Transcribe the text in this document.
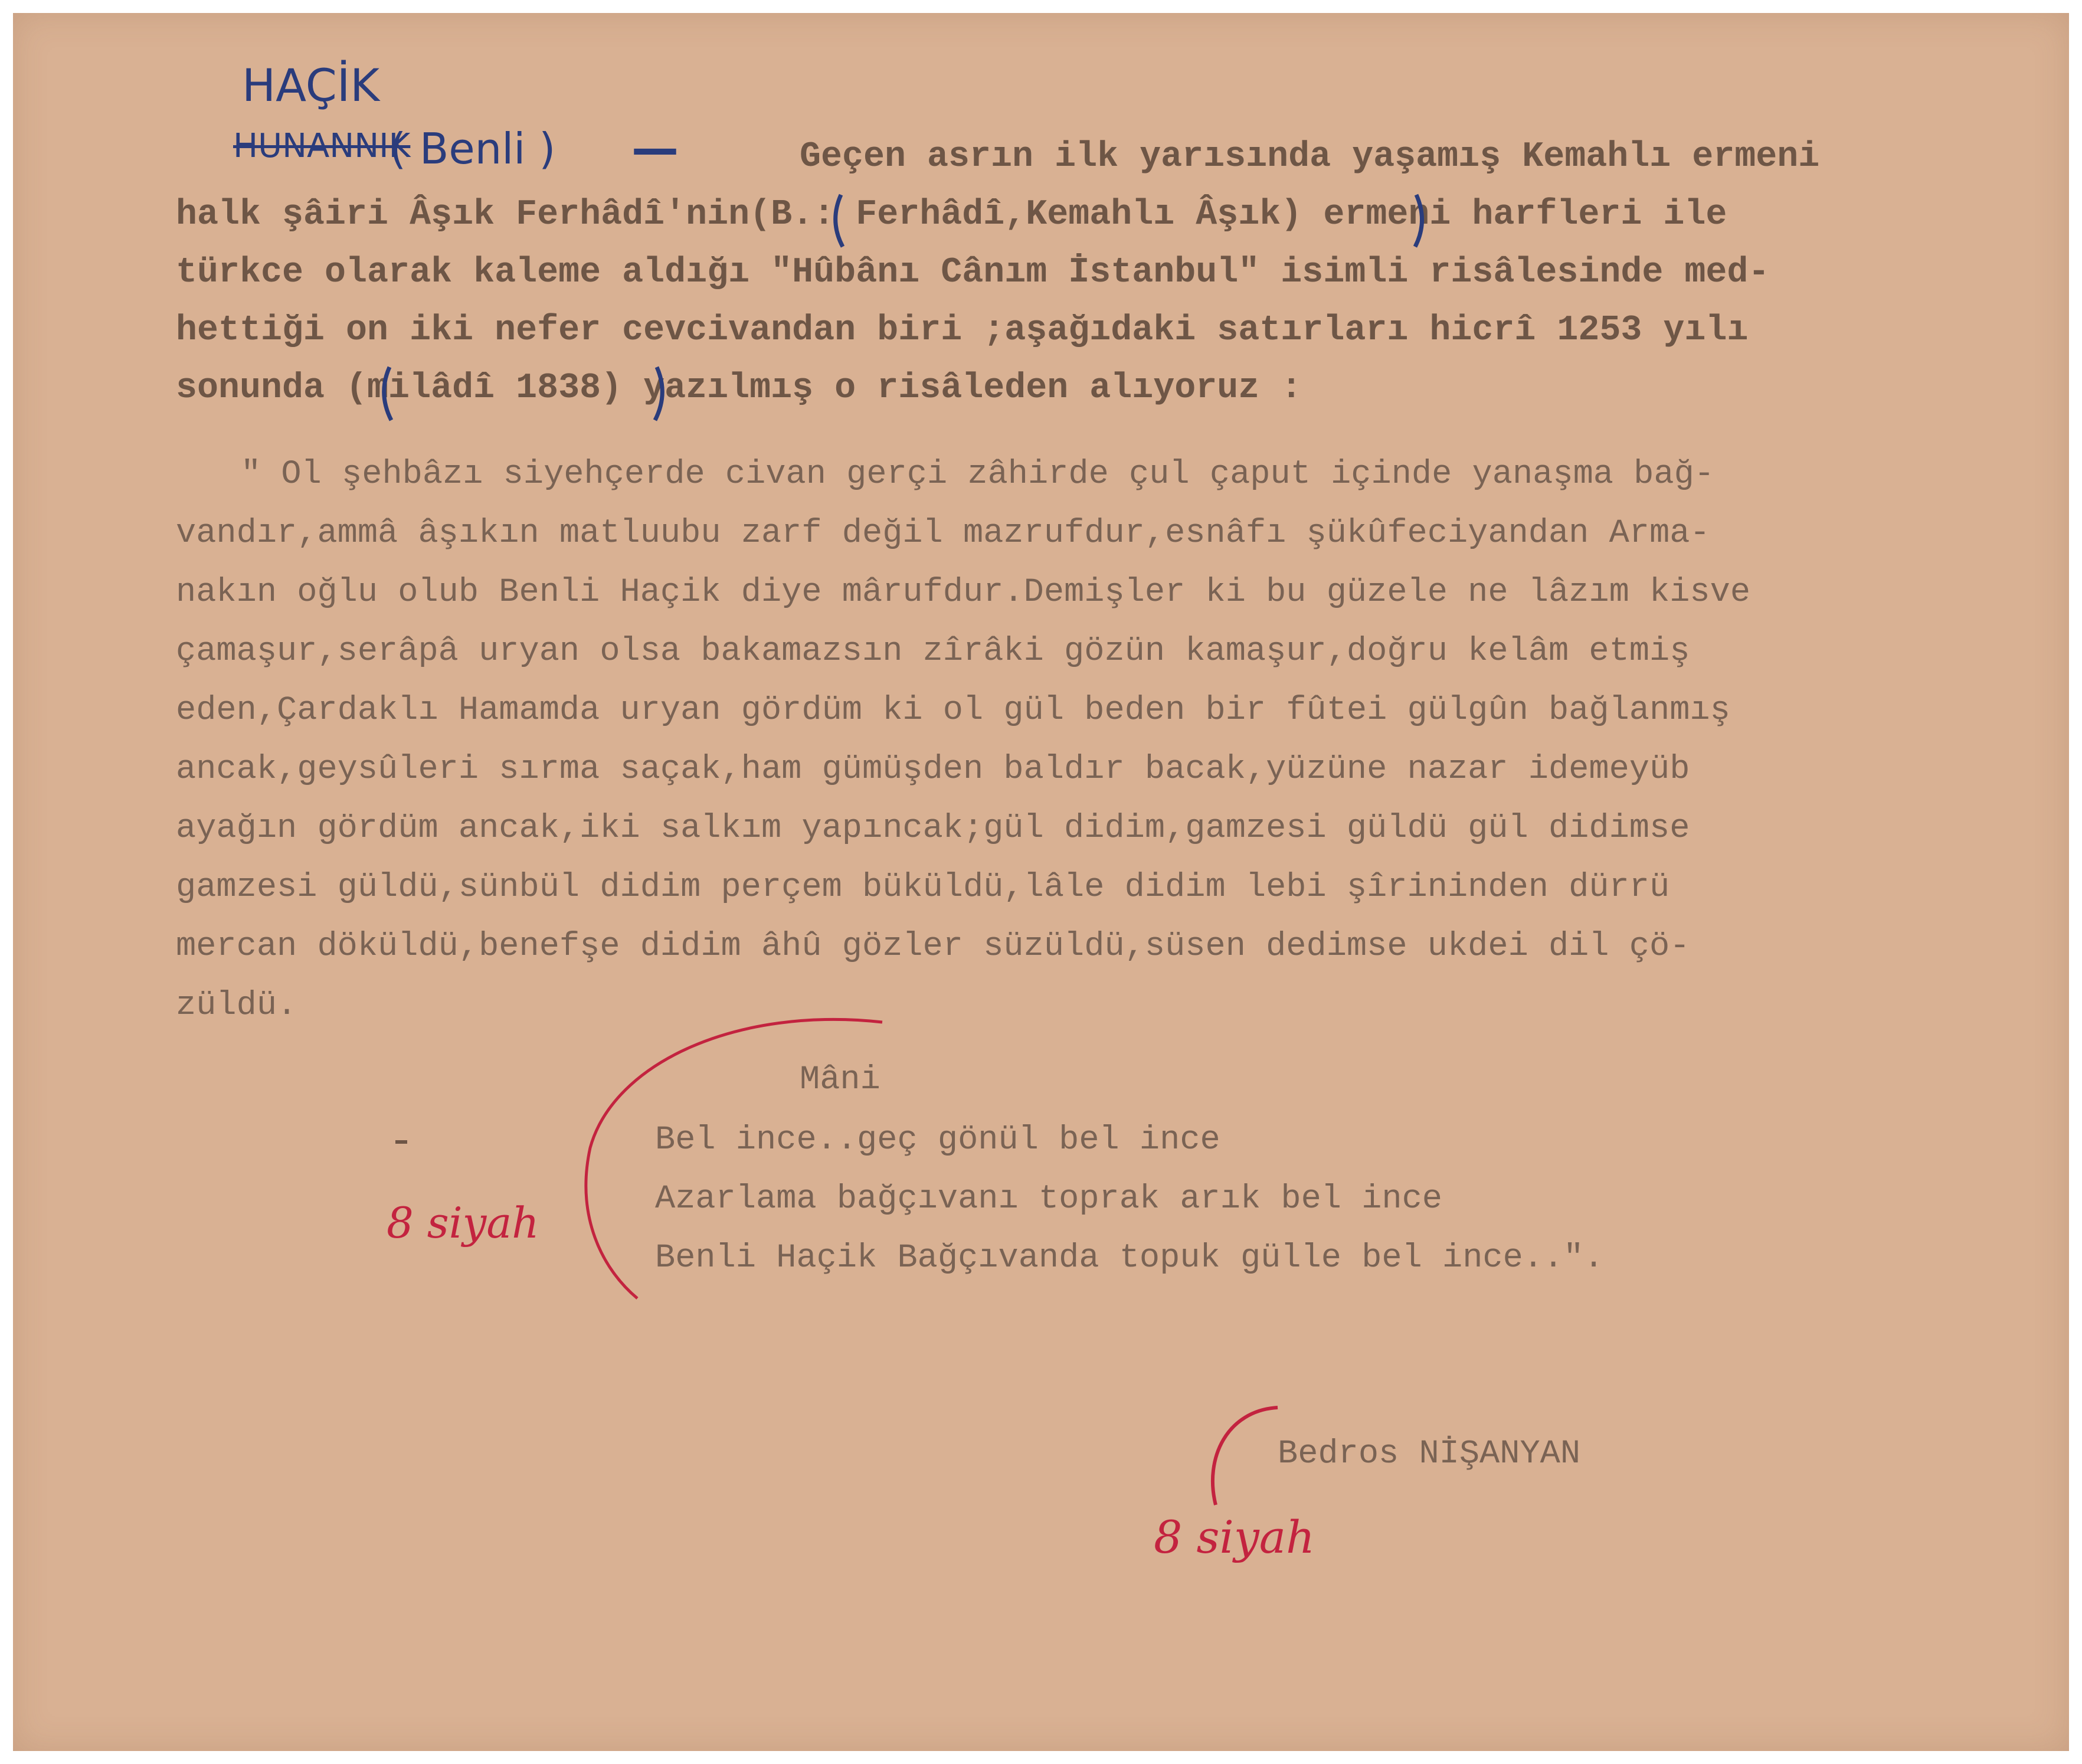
HAÇİK
HUNANNIK
( Benli ) —	Geçen asrın ilk yarısında yaşamış Kemahlı ermeni
halk şâiri Âşık Ferhâdî'nin(B.: Ferhâdî,Kemahlı Âşık) ermeni harfleri ile
türkce olarak kaleme aldığı "Hûbânı Cânım İstanbul" isimli risâlesinde med-
hettiği on iki nefer cevcivandan biri ;aşağıdaki satırları hicrî 1253 yılı
sonunda (milâdî 1838) yazılmış o risâleden alıyoruz :
" Ol şehbâzı siyehçerde civan gerçi zâhirde çul çaput içinde yanaşma bağ-
vandır,ammâ âşıkın matluubu zarf değil mazrufdur,esnâfı şükûfeciyandan Arma-
nakın oğlu olub Benli Haçik diye mârufdur.Demişler ki bu güzele ne lâzım kisve
çamaşur,serâpâ uryan olsa bakamazsın zîrâki gözün kamaşur,doğru kelâm etmiş
eden,Çardaklı Hamamda uryan gördüm ki ol gül beden bir fûtei gülgûn bağlanmış
ancak,geysûleri sırma saçak,ham gümüşden baldır bacak,yüzüne nazar idemeyüb
ayağın gördüm ancak,iki salkım yapıncak;gül didim,gamzesi güldü gül didimse
gamzesi güldü,sünbül didim perçem büküldü,lâle didim lebi şîrininden dürrü
mercan döküldü,benefşe didim âhû gözler süzüldü,süsen dedimse ukdei dil çö-
züldü.
Mâni
Bel ince..geç gönül bel ince
Azarlama bağçıvanı toprak arık bel ince
Benli Haçik Bağçıvanda topuk gülle bel ince..".
Bedros NİŞANYAN
8 siyah
8 siyah
